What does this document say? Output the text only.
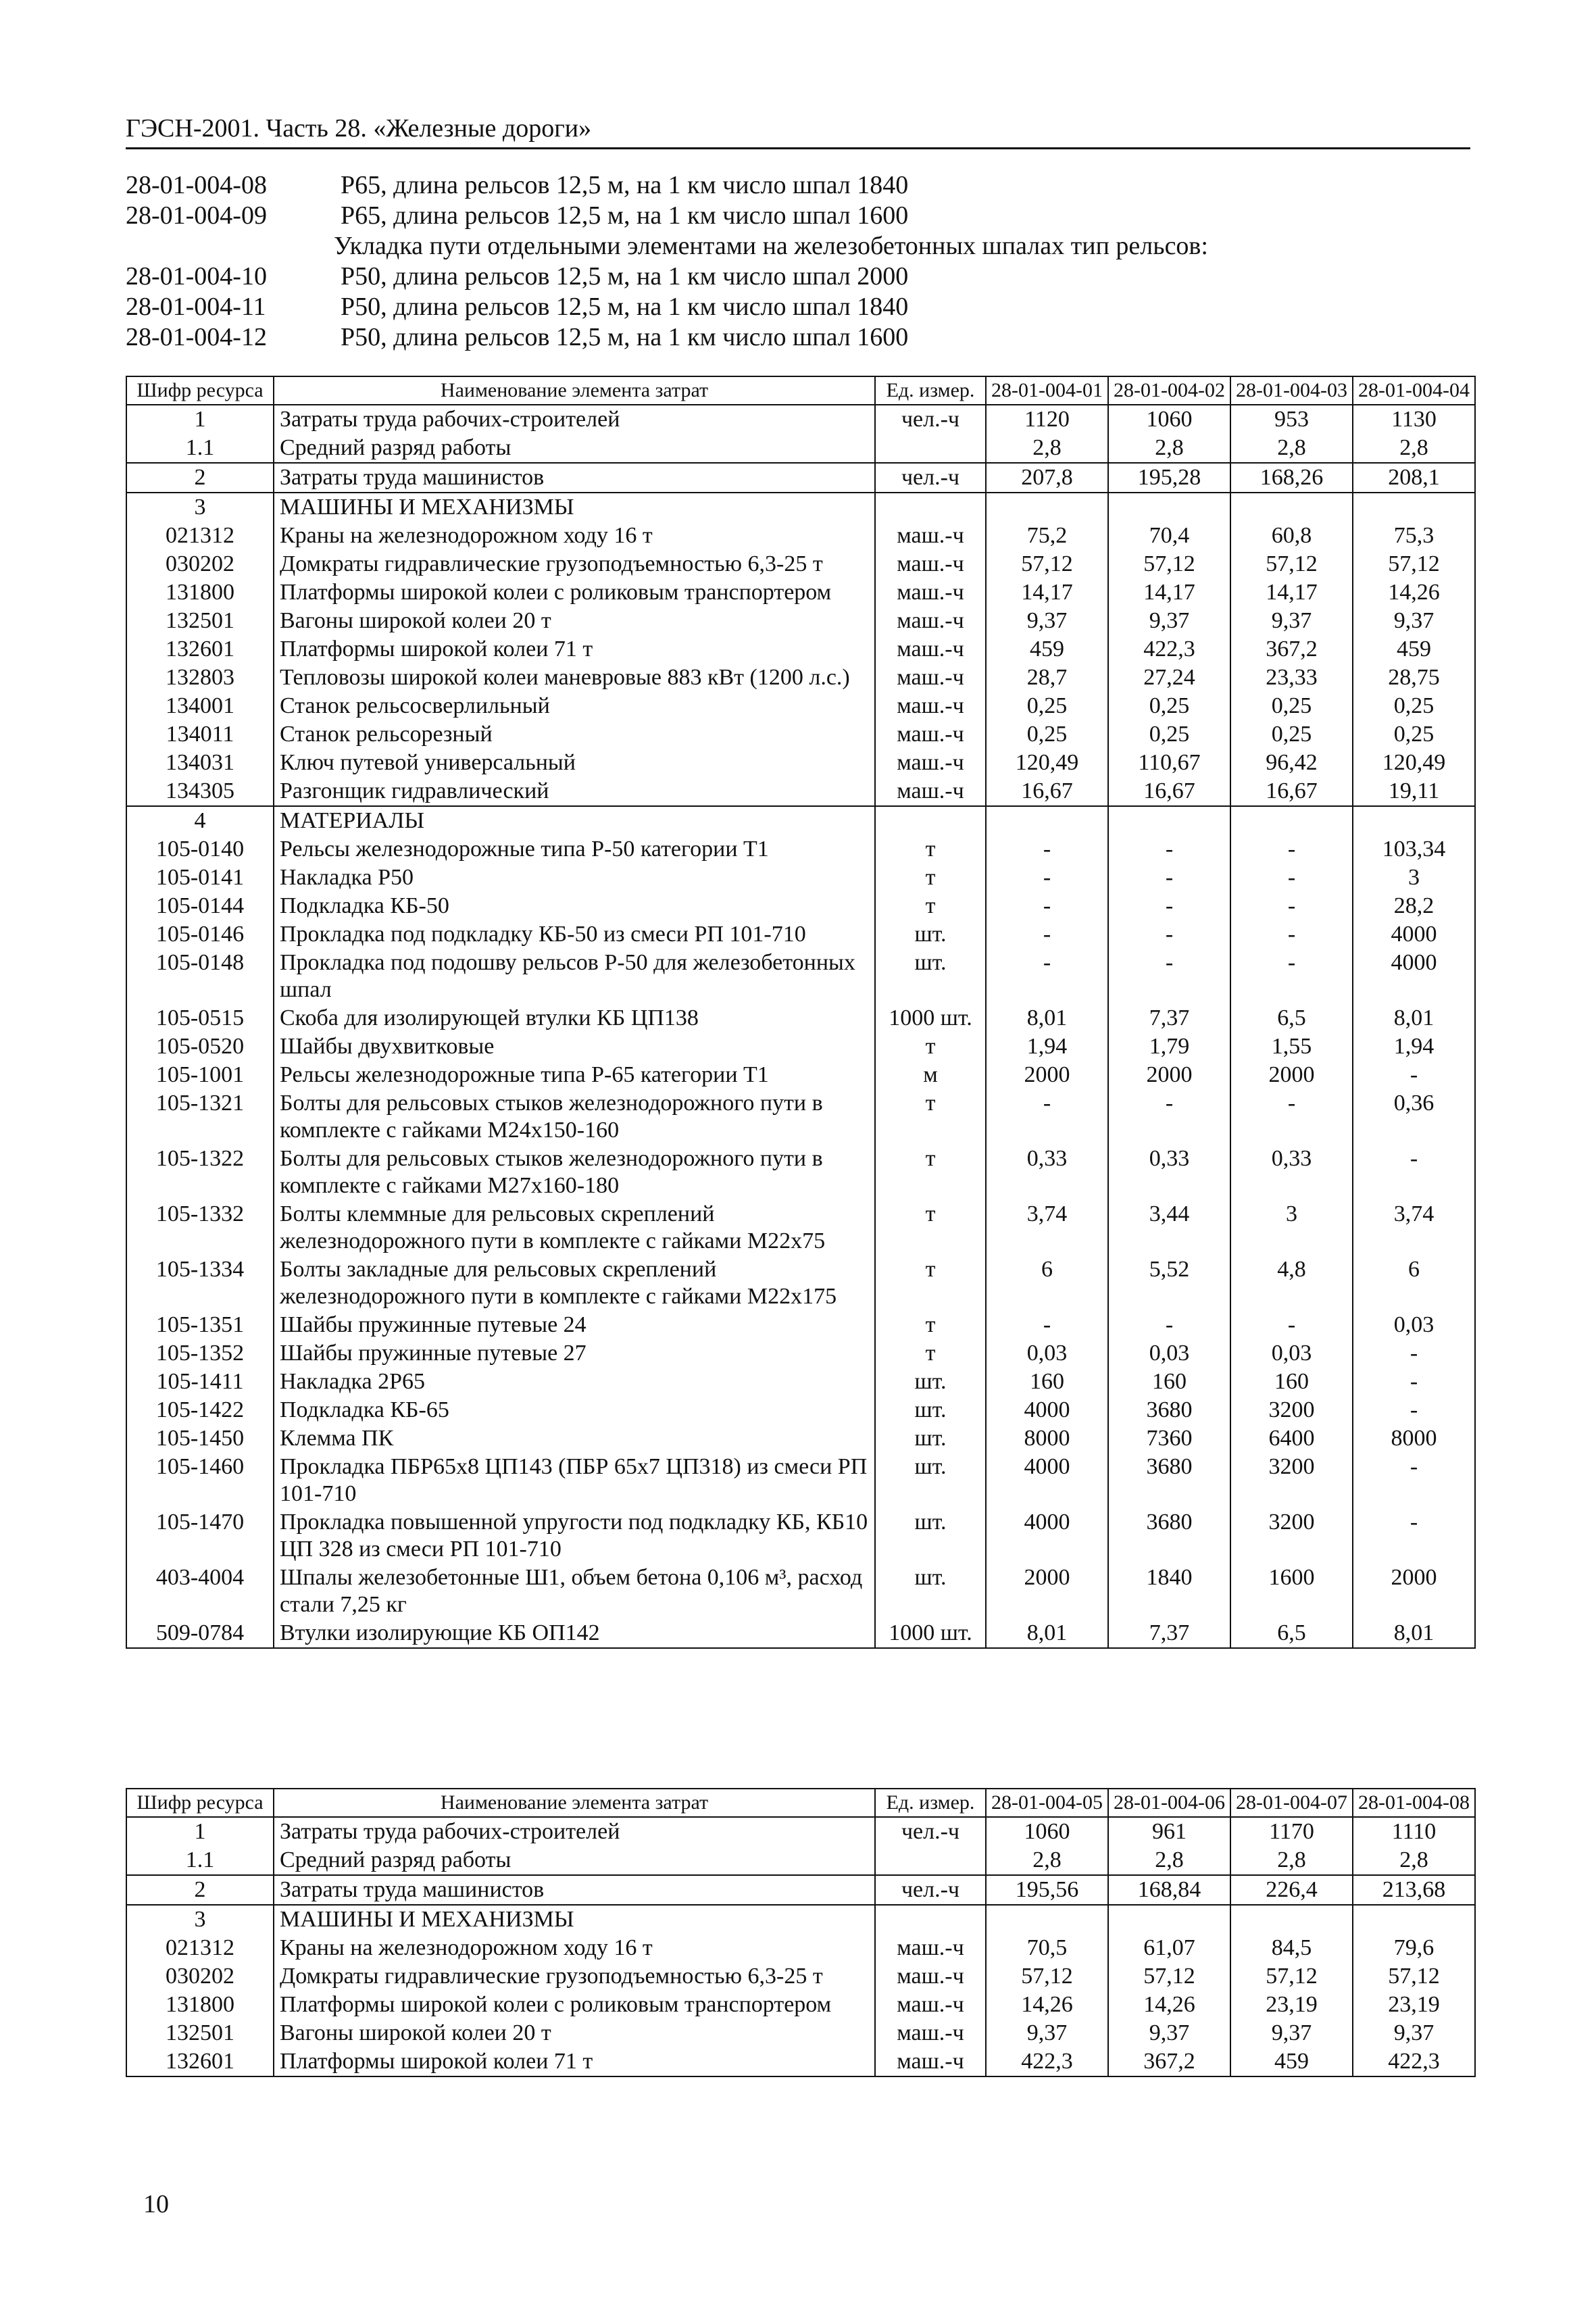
ГЭСН-2001. Часть 28. «Железные дороги»
28-01-004-08	Р65, длина рельсов 12,5 м, на 1 км число шпал 1840
28-01-004-09	Р65, длина рельсов 12,5 м, на 1 км число шпал 1600
Укладка пути отдельными элементами на железобетонных шпалах тип рельсов:
28-01-004-10	Р50, длина рельсов 12,5 м, на 1 км число шпал 2000
28-01-004-11	Р50, длина рельсов 12,5 м, на 1 км число шпал 1840
28-01-004-12	Р50, длина рельсов 12,5 м, на 1 км число шпал 1600
Шифр ресурса	Наименование элемента затрат	Ед. измер.	28-01-004-01	28-01-004-02	28-01-004-03	28-01-004-04
1	Затраты труда рабочих-строителей	чел.-ч	1120	1060	953	1130
1.1	Средний разряд работы		2,8	2,8	2,8	2,8
2	Затраты труда машинистов	чел.-ч	207,8	195,28	168,26	208,1
3	МАШИНЫ И МЕХАНИЗМЫ					
021312	Краны на железнодорожном ходу 16 т	маш.-ч	75,2	70,4	60,8	75,3
030202	Домкраты гидравлические грузоподъемностью 6,3-25 т	маш.-ч	57,12	57,12	57,12	57,12
131800	Платформы широкой колеи с роликовым транспортером	маш.-ч	14,17	14,17	14,17	14,26
132501	Вагоны широкой колеи 20 т	маш.-ч	9,37	9,37	9,37	9,37
132601	Платформы широкой колеи 71 т	маш.-ч	459	422,3	367,2	459
132803	Тепловозы широкой колеи маневровые 883 кВт (1200 л.с.)	маш.-ч	28,7	27,24	23,33	28,75
134001	Станок рельсосверлильный	маш.-ч	0,25	0,25	0,25	0,25
134011	Станок рельсорезный	маш.-ч	0,25	0,25	0,25	0,25
134031	Ключ путевой универсальный	маш.-ч	120,49	110,67	96,42	120,49
134305	Разгонщик гидравлический	маш.-ч	16,67	16,67	16,67	19,11
4	МАТЕРИАЛЫ					
105-0140	Рельсы железнодорожные типа Р-50 категории Т1	т	-	-	-	103,34
105-0141	Накладка Р50	т	-	-	-	3
105-0144	Подкладка КБ-50	т	-	-	-	28,2
105-0146	Прокладка под подкладку КБ-50 из смеси РП 101-710	шт.	-	-	-	4000
105-0148	Прокладка под подошву рельсов Р-50 для железобетонных шпал	шт.	-	-	-	4000
105-0515	Скоба для изолирующей втулки КБ ЦП138	1000 шт.	8,01	7,37	6,5	8,01
105-0520	Шайбы двухвитковые	т	1,94	1,79	1,55	1,94
105-1001	Рельсы железнодорожные типа Р-65 категории Т1	м	2000	2000	2000	-
105-1321	Болты для рельсовых стыков железнодорожного пути в комплекте с гайками М24х150-160	т	-	-	-	0,36
105-1322	Болты для рельсовых стыков железнодорожного пути в комплекте с гайками М27х160-180	т	0,33	0,33	0,33	-
105-1332	Болты клеммные для рельсовых скреплений железнодорожного пути в комплекте с гайками М22х75	т	3,74	3,44	3	3,74
105-1334	Болты закладные для рельсовых скреплений железнодорожного пути в комплекте с гайками М22х175	т	6	5,52	4,8	6
105-1351	Шайбы пружинные путевые 24	т	-	-	-	0,03
105-1352	Шайбы пружинные путевые 27	т	0,03	0,03	0,03	-
105-1411	Накладка 2Р65	шт.	160	160	160	-
105-1422	Подкладка КБ-65	шт.	4000	3680	3200	-
105-1450	Клемма ПК	шт.	8000	7360	6400	8000
105-1460	Прокладка ПБР65х8 ЦП143 (ПБР 65х7 ЦП318) из смеси РП 101-710	шт.	4000	3680	3200	-
105-1470	Прокладка повышенной упругости под подкладку КБ, КБ10 ЦП 328 из смеси РП 101-710	шт.	4000	3680	3200	-
403-4004	Шпалы железобетонные Ш1, объем бетона 0,106 м³, расход стали 7,25 кг	шт.	2000	1840	1600	2000
509-0784	Втулки изолирующие КБ ОП142	1000 шт.	8,01	7,37	6,5	8,01
Шифр ресурса	Наименование элемента затрат	Ед. измер.	28-01-004-05	28-01-004-06	28-01-004-07	28-01-004-08
1	Затраты труда рабочих-строителей	чел.-ч	1060	961	1170	1110
1.1	Средний разряд работы		2,8	2,8	2,8	2,8
2	Затраты труда машинистов	чел.-ч	195,56	168,84	226,4	213,68
3	МАШИНЫ И МЕХАНИЗМЫ					
021312	Краны на железнодорожном ходу 16 т	маш.-ч	70,5	61,07	84,5	79,6
030202	Домкраты гидравлические грузоподъемностью 6,3-25 т	маш.-ч	57,12	57,12	57,12	57,12
131800	Платформы широкой колеи с роликовым транспортером	маш.-ч	14,26	14,26	23,19	23,19
132501	Вагоны широкой колеи 20 т	маш.-ч	9,37	9,37	9,37	9,37
132601	Платформы широкой колеи 71 т	маш.-ч	422,3	367,2	459	422,3
10
